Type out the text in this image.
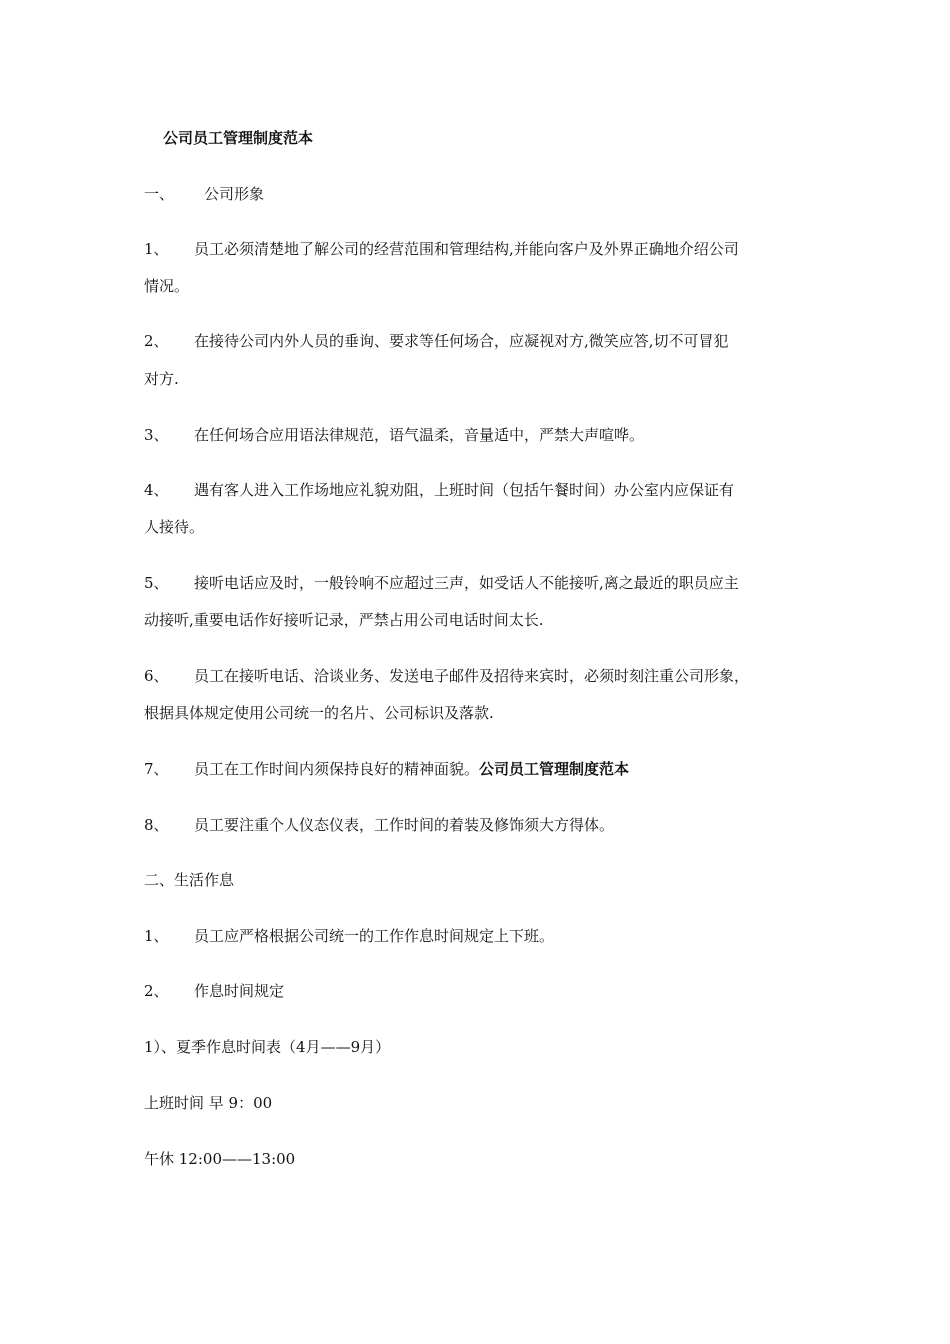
公司员工管理制度范本
一、 公司形象
1、 员工必须清楚地了解公司的经营范围和管理结构,并能向客户及外界正确地介绍公司
情况。
2、 在接待公司内外人员的垂询、要求等任何场合，应凝视对方,微笑应答,切不可冒犯
对方.
3、 在任何场合应用语法律规范，语气温柔，音量适中，严禁大声喧哗。
4、 遇有客人进入工作场地应礼貌劝阻，上班时间（包括午餐时间）办公室内应保证有
人接待。
5、 接听电话应及时，一般铃响不应超过三声，如受话人不能接听,离之最近的职员应主
动接听,重要电话作好接听记录，严禁占用公司电话时间太长.
6、 员工在接听电话、洽谈业务、发送电子邮件及招待来宾时，必须时刻注重公司形象，
根据具体规定使用公司统一的名片、公司标识及落款.
7、 员工在工作时间内须保持良好的精神面貌。公司员工管理制度范本
8、 员工要注重个人仪态仪表，工作时间的着装及修饰须大方得体。
二、生活作息
1、 员工应严格根据公司统一的工作作息时间规定上下班。
2、 作息时间规定
1）、夏季作息时间表（4月——9月）
上班时间 早 9：00
午休 12:00——13:00
